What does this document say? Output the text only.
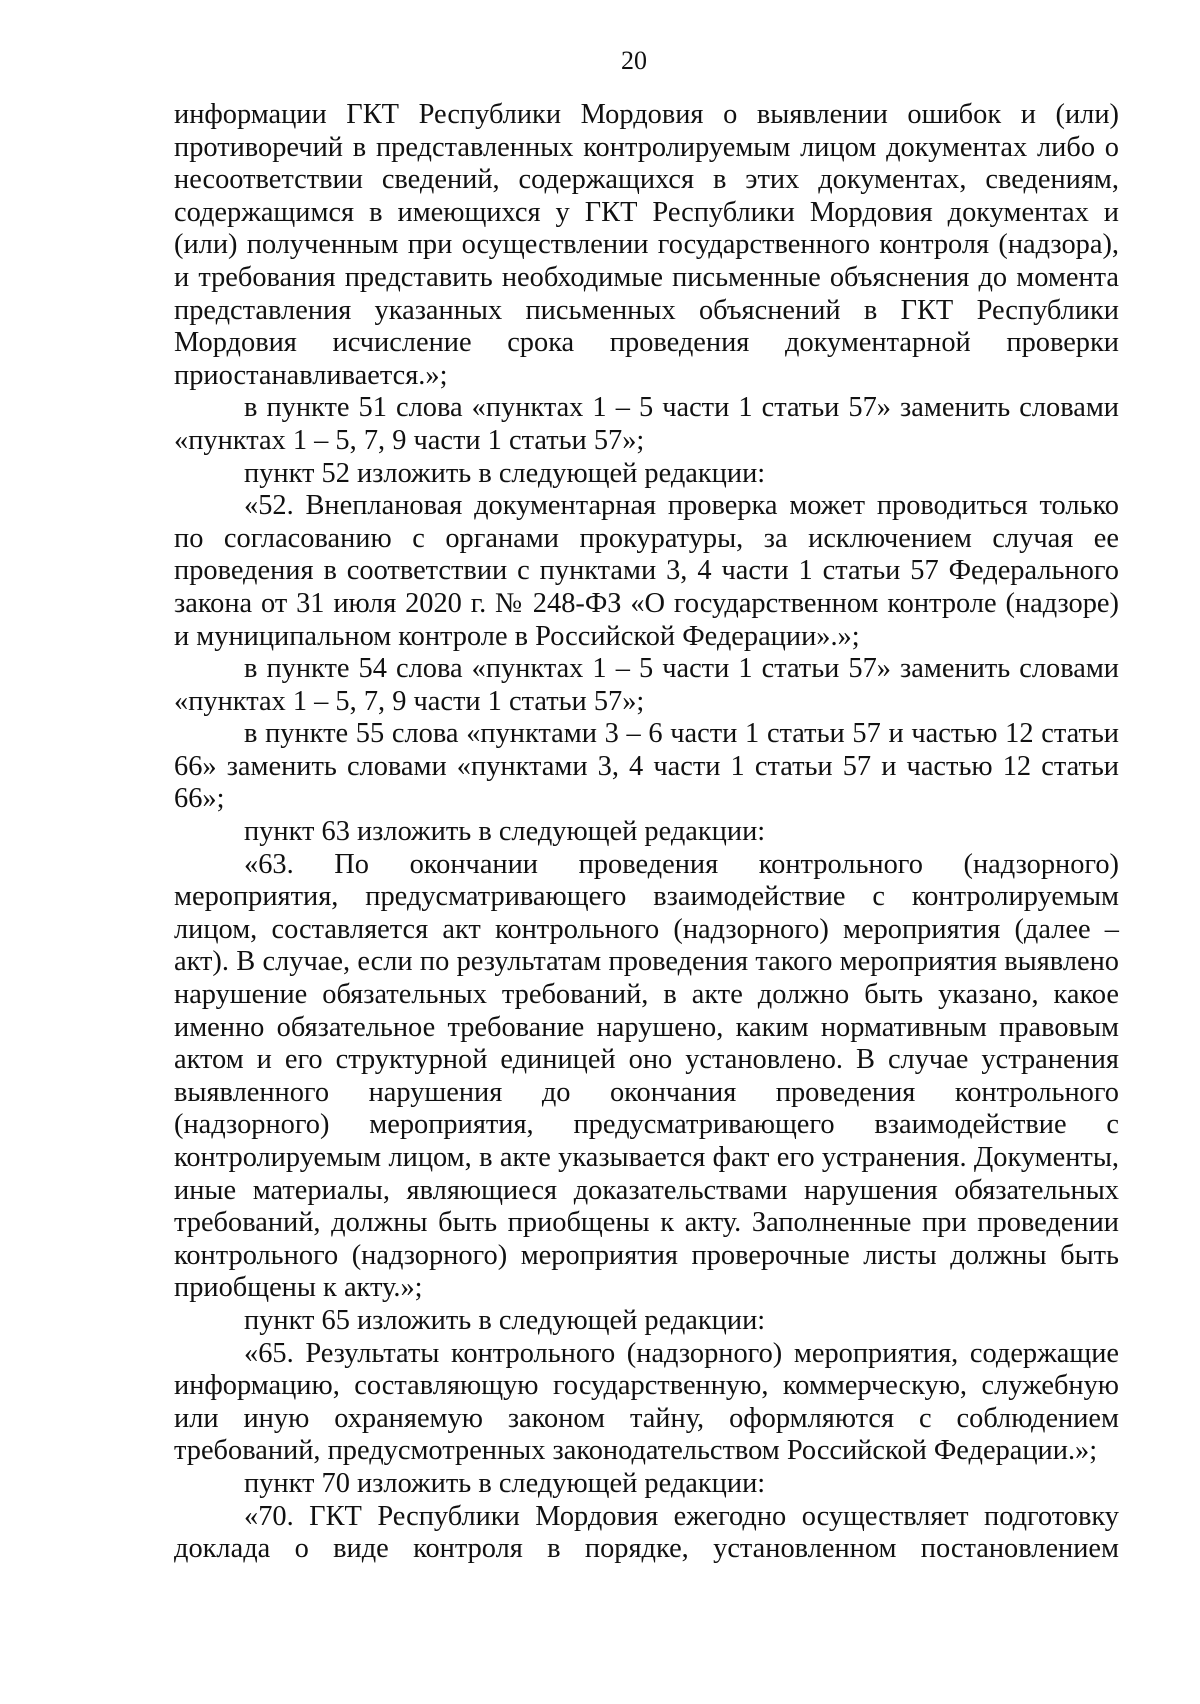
20

информации ГКТ Республики Мордовия о выявлении ошибок и (или) противоречий в представленных контролируемым лицом документах либо о несоответствии сведений, содержащихся в этих документах, сведениям, содержащимся в имеющихся у ГКТ Республики Мордовия документах и (или) полученным при осуществлении государственного контроля (надзора), и требования представить необходимые письменные объяснения до момента представления указанных письменных объяснений в ГКТ Республики Мордовия исчисление срока проведения документарной проверки приостанавливается.»;

в пункте 51 слова «пунктах 1 – 5 части 1 статьи 57» заменить словами «пунктах 1 – 5, 7, 9 части 1 статьи 57»;

пункт 52 изложить в следующей редакции:

«52. Внеплановая документарная проверка может проводиться только по согласованию с органами прокуратуры, за исключением случая ее проведения в соответствии с пунктами 3, 4 части 1 статьи 57 Федерального закона от 31 июля 2020 г. № 248-ФЗ «О государственном контроле (надзоре) и муниципальном контроле в Российской Федерации».»;

в пункте 54 слова «пунктах 1 – 5 части 1 статьи 57» заменить словами «пунктах 1 – 5, 7, 9 части 1 статьи 57»;

в пункте 55 слова «пунктами 3 – 6 части 1 статьи 57 и частью 12 статьи 66» заменить словами «пунктами 3, 4 части 1 статьи 57 и частью 12 статьи 66»;

пункт 63 изложить в следующей редакции:

«63. По окончании проведения контрольного (надзорного) мероприятия, предусматривающего взаимодействие с контролируемым лицом, составляется акт контрольного (надзорного) мероприятия (далее – акт). В случае, если по результатам проведения такого мероприятия выявлено нарушение обязательных требований, в акте должно быть указано, какое именно обязательное требование нарушено, каким нормативным правовым актом и его структурной единицей оно установлено. В случае устранения выявленного нарушения до окончания проведения контрольного (надзорного) мероприятия, предусматривающего взаимодействие с контролируемым лицом, в акте указывается факт его устранения. Документы, иные материалы, являющиеся доказательствами нарушения обязательных требований, должны быть приобщены к акту. Заполненные при проведении контрольного (надзорного) мероприятия проверочные листы должны быть приобщены к акту.»;

пункт 65 изложить в следующей редакции:

«65. Результаты контрольного (надзорного) мероприятия, содержащие информацию, составляющую государственную, коммерческую, служебную или иную охраняемую законом тайну, оформляются с соблюдением требований, предусмотренных законодательством Российской Федерации.»;

пункт 70 изложить в следующей редакции:

«70. ГКТ Республики Мордовия ежегодно осуществляет подготовку доклада о виде контроля в порядке, установленном постановлением
